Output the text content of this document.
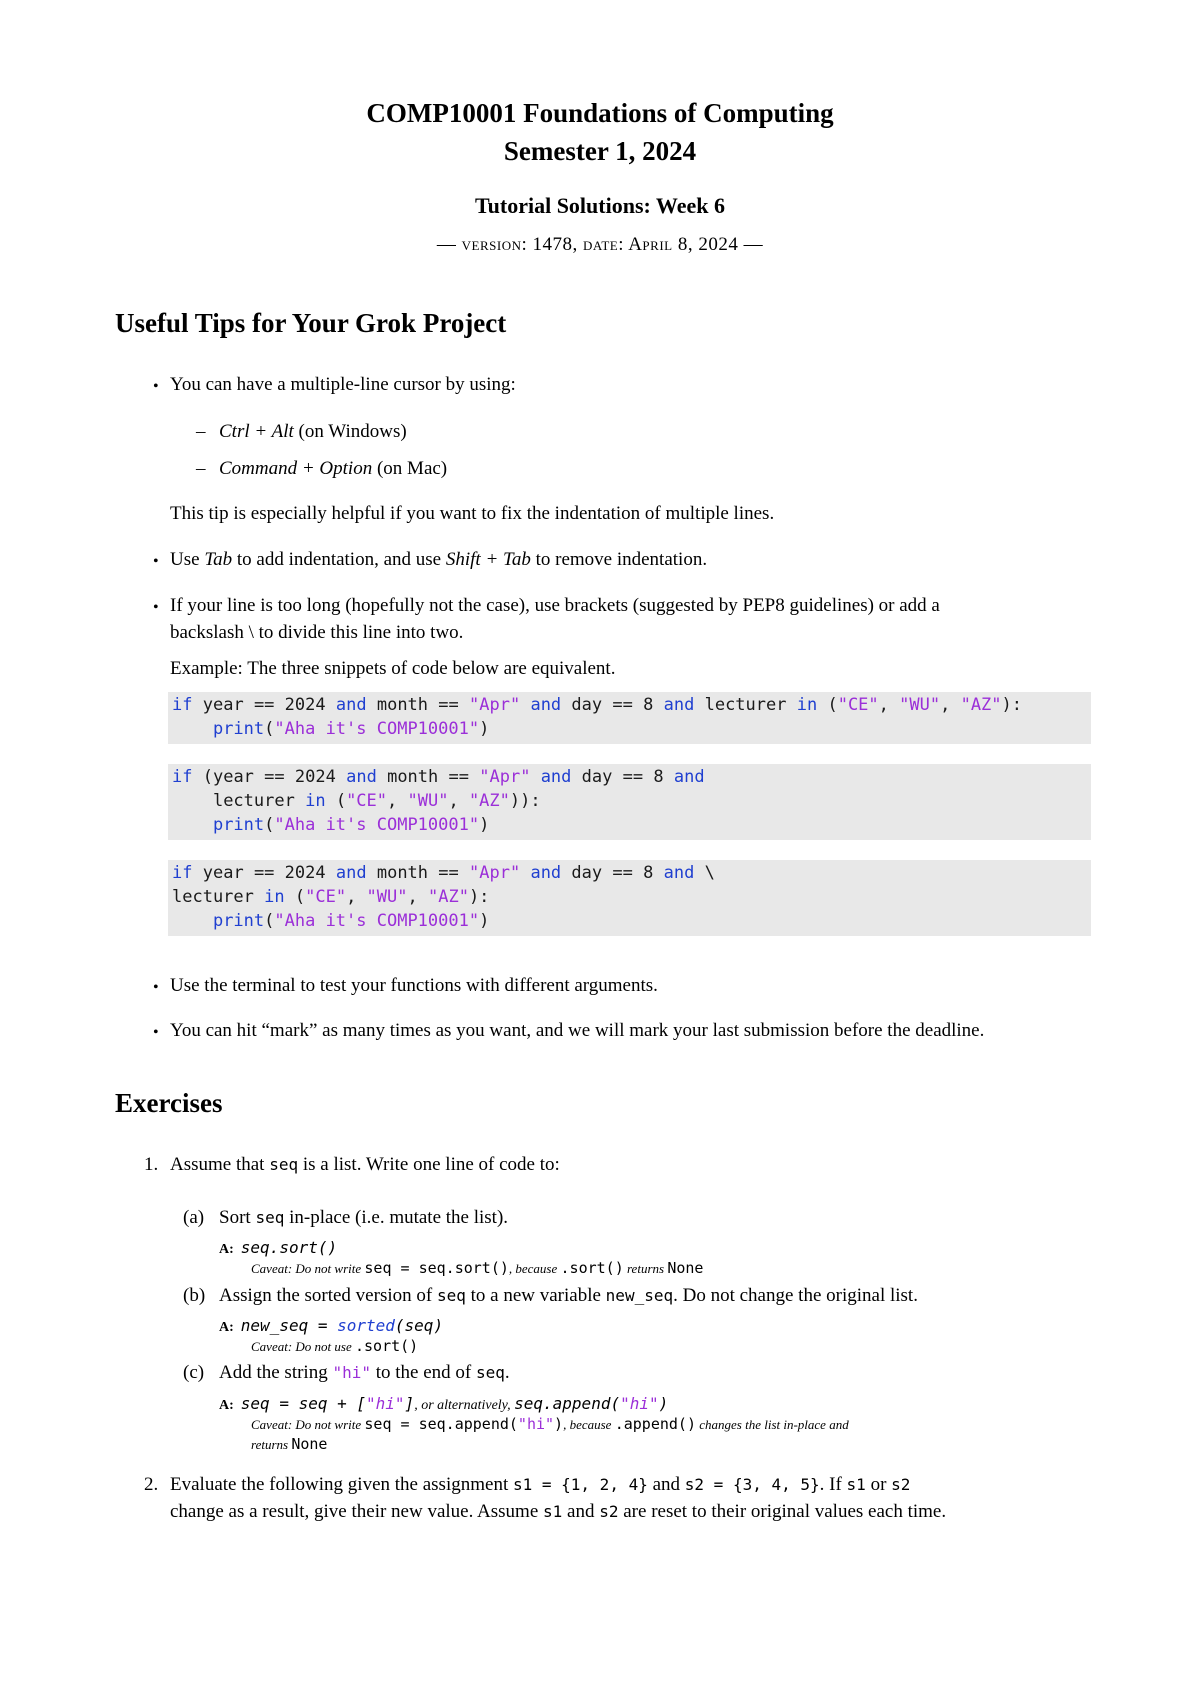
COMP10001 Foundations of Computing
Semester 1, 2024
Tutorial Solutions: Week 6
— version: 1478, date: April 8, 2024 —
Useful Tips for Your Grok Project
• You can have a multiple-line cursor by using:
– Ctrl + Alt (on Windows)
– Command + Option (on Mac)
This tip is especially helpful if you want to fix the indentation of multiple lines.
• Use Tab to add indentation, and use Shift + Tab to remove indentation.
• If your line is too long (hopefully not the case), use brackets (suggested by PEP8 guidelines) or add a
backslash \ to divide this line into two.
Example: The three snippets of code below are equivalent.
if year == 2024 and month == "Apr" and day == 8 and lecturer in ("CE", "WU", "AZ"):
print("Aha it's COMP10001")
if (year == 2024 and month == "Apr" and day == 8 and
lecturer in ("CE", "WU", "AZ")):
print("Aha it's COMP10001")
if year == 2024 and month == "Apr" and day == 8 and \
lecturer in ("CE", "WU", "AZ"):
print("Aha it's COMP10001")
• Use the terminal to test your functions with different arguments.
• You can hit “mark” as many times as you want, and we will mark your last submission before the deadline.
Exercises
1. Assume that seq is a list. Write one line of code to:
(a) Sort seq in-place (i.e. mutate the list).
A: seq.sort()
Caveat: Do not write seq = seq.sort(), because .sort() returns None
(b) Assign the sorted version of seq to a new variable new_seq. Do not change the original list.
A: new_seq = sorted(seq)
Caveat: Do not use .sort()
(c) Add the string "hi" to the end of seq.
A: seq = seq + ["hi"], or alternatively, seq.append("hi")
Caveat: Do not write seq = seq.append("hi"), because .append() changes the list in-place and
returns None
2. Evaluate the following given the assignment s1 = {1, 2, 4} and s2 = {3, 4, 5}. If s1 or s2
change as a result, give their new value. Assume s1 and s2 are reset to their original values each time.
